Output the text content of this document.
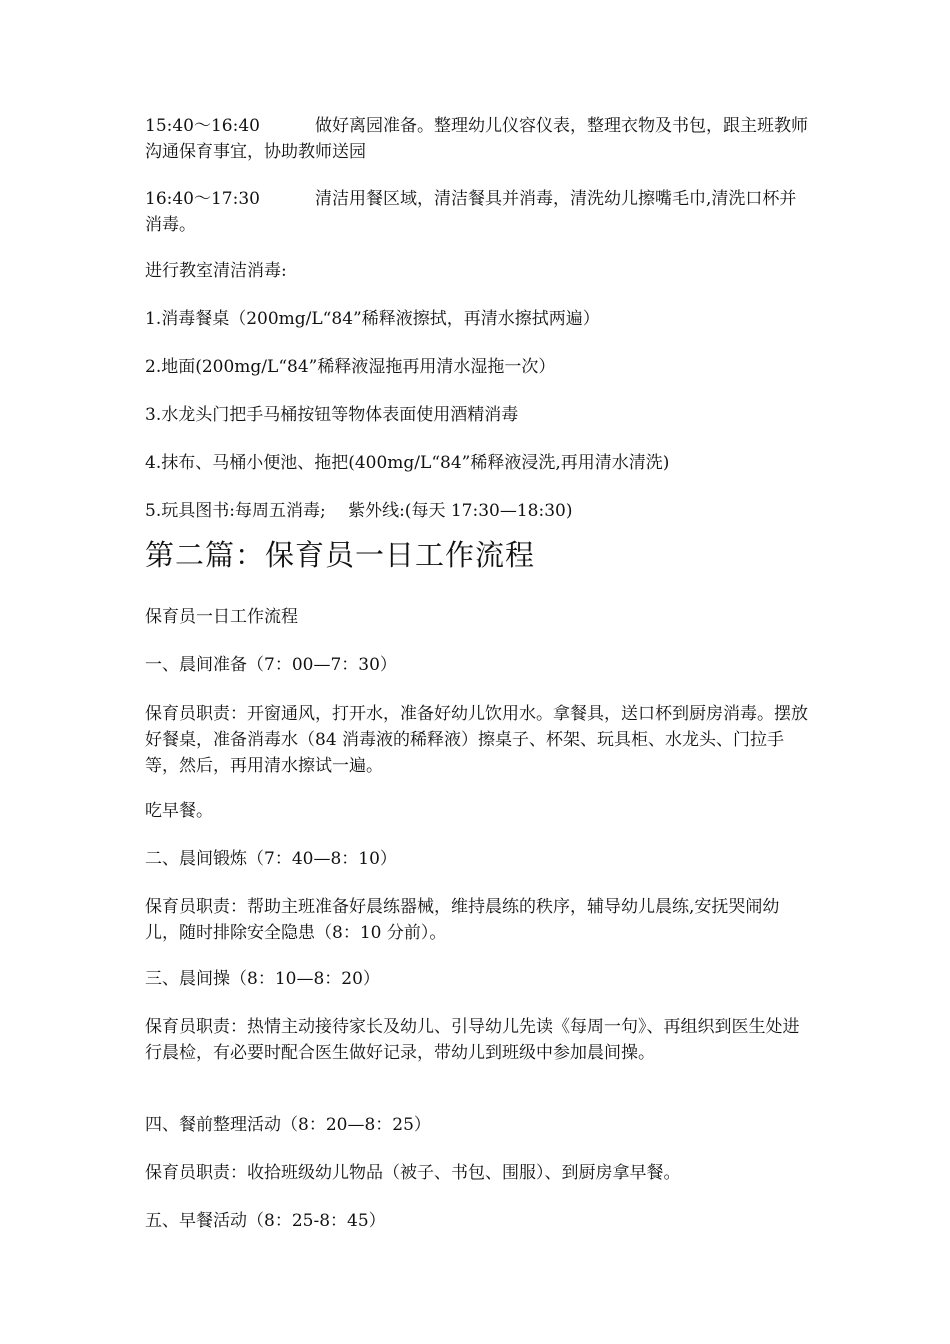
15:40～16:40	做好离园准备。整理幼儿仪容仪表，整理衣物及书包，跟主班教师沟通保育事宜，协助教师送园

16:40～17:30	清洁用餐区域，清洁餐具并消毒，清洗幼儿擦嘴毛巾,清洗口杯并消毒。

进行教室清洁消毒:

1.消毒餐桌（200mg/L“84”稀释液擦拭，再清水擦拭两遍）

2.地面(200mg/L“84”稀释液湿拖再用清水湿拖一次）

3.水龙头门把手马桶按钮等物体表面使用酒精消毒

4.抹布、马桶小便池、拖把(400mg/L“84”稀释液浸洗,再用清水清洗)

5.玩具图书:每周五消毒;　 紫外线:(每天 17:30—18:30)

第二篇：保育员一日工作流程

保育员一日工作流程

一、晨间准备（7：00—7：30）

保育员职责：开窗通风，打开水，准备好幼儿饮用水。拿餐具，送口杯到厨房消毒。摆放好餐桌，准备消毒水（84 消毒液的稀释液）擦桌子、杯架、玩具柜、水龙头、门拉手等，然后，再用清水擦试一遍。

吃早餐。

二、晨间锻炼（7：40—8：10）

保育员职责：帮助主班准备好晨练器械，维持晨练的秩序，辅导幼儿晨练,安抚哭闹幼儿，随时排除安全隐患（8：10 分前）。

三、晨间操（8：10—8：20）

保育员职责：热情主动接待家长及幼儿、引导幼儿先读《每周一句》、再组织到医生处进行晨检，有必要时配合医生做好记录，带幼儿到班级中参加晨间操。

四、餐前整理活动（8：20—8：25）

保育员职责：收拾班级幼儿物品（被子、书包、围服）、到厨房拿早餐。

五、早餐活动（8：25-8：45）
